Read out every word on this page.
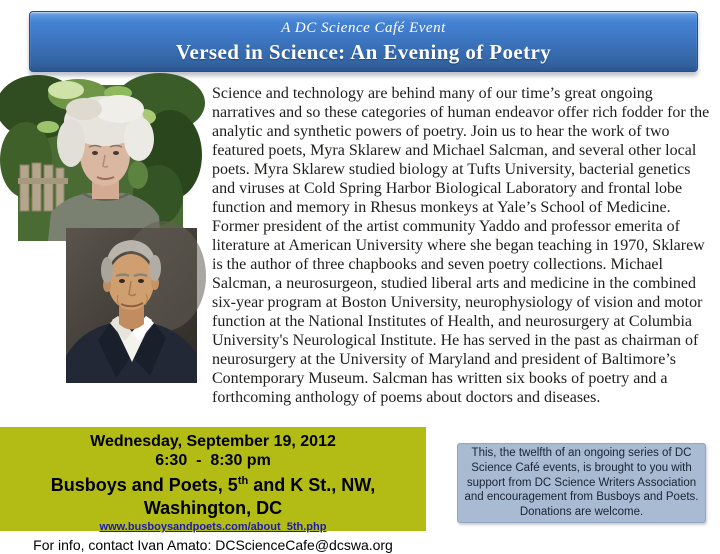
A DC Science Café Event
Versed in Science: An Evening of Poetry
Science and technology are behind many of our time’s great ongoing narratives and so these categories of human endeavor offer rich fodder for the analytic and synthetic powers of poetry. Join us to hear the work of two featured poets, Myra Sklarew and Michael Salcman, and several other local poets. Myra Sklarew studied biology at Tufts University, bacterial genetics and viruses at Cold Spring Harbor Biological Laboratory and frontal lobe function and memory in Rhesus monkeys at Yale’s School of Medicine. Former president of the artist community Yaddo and professor emerita of literature at American University where she began teaching in 1970, Sklarew is the author of three chapbooks and seven poetry collections. Michael Salcman, a neurosurgeon, studied liberal arts and medicine in the combined six-year program at Boston University, neurophysiology of vision and motor function at the National Institutes of Health, and neurosurgery at Columbia University's Neurological Institute. He has served in the past as chairman of neurosurgery at the University of Maryland and president of Baltimore’s Contemporary Museum. Salcman has written six books of poetry and a forthcoming anthology of poems about doctors and diseases.
Wednesday, September 19, 2012
6:30  -  8:30 pm
Busboys and Poets, 5th and K St., NW, Washington, DC
www.busboysandpoets.com/about_5th.php
For info, contact Ivan Amato: DCScienceCafe@dcswa.org
This, the twelfth of an ongoing series of DC Science Café events, is brought to you with support from DC Science Writers Association and encouragement from Busboys and Poets. Donations are welcome.
